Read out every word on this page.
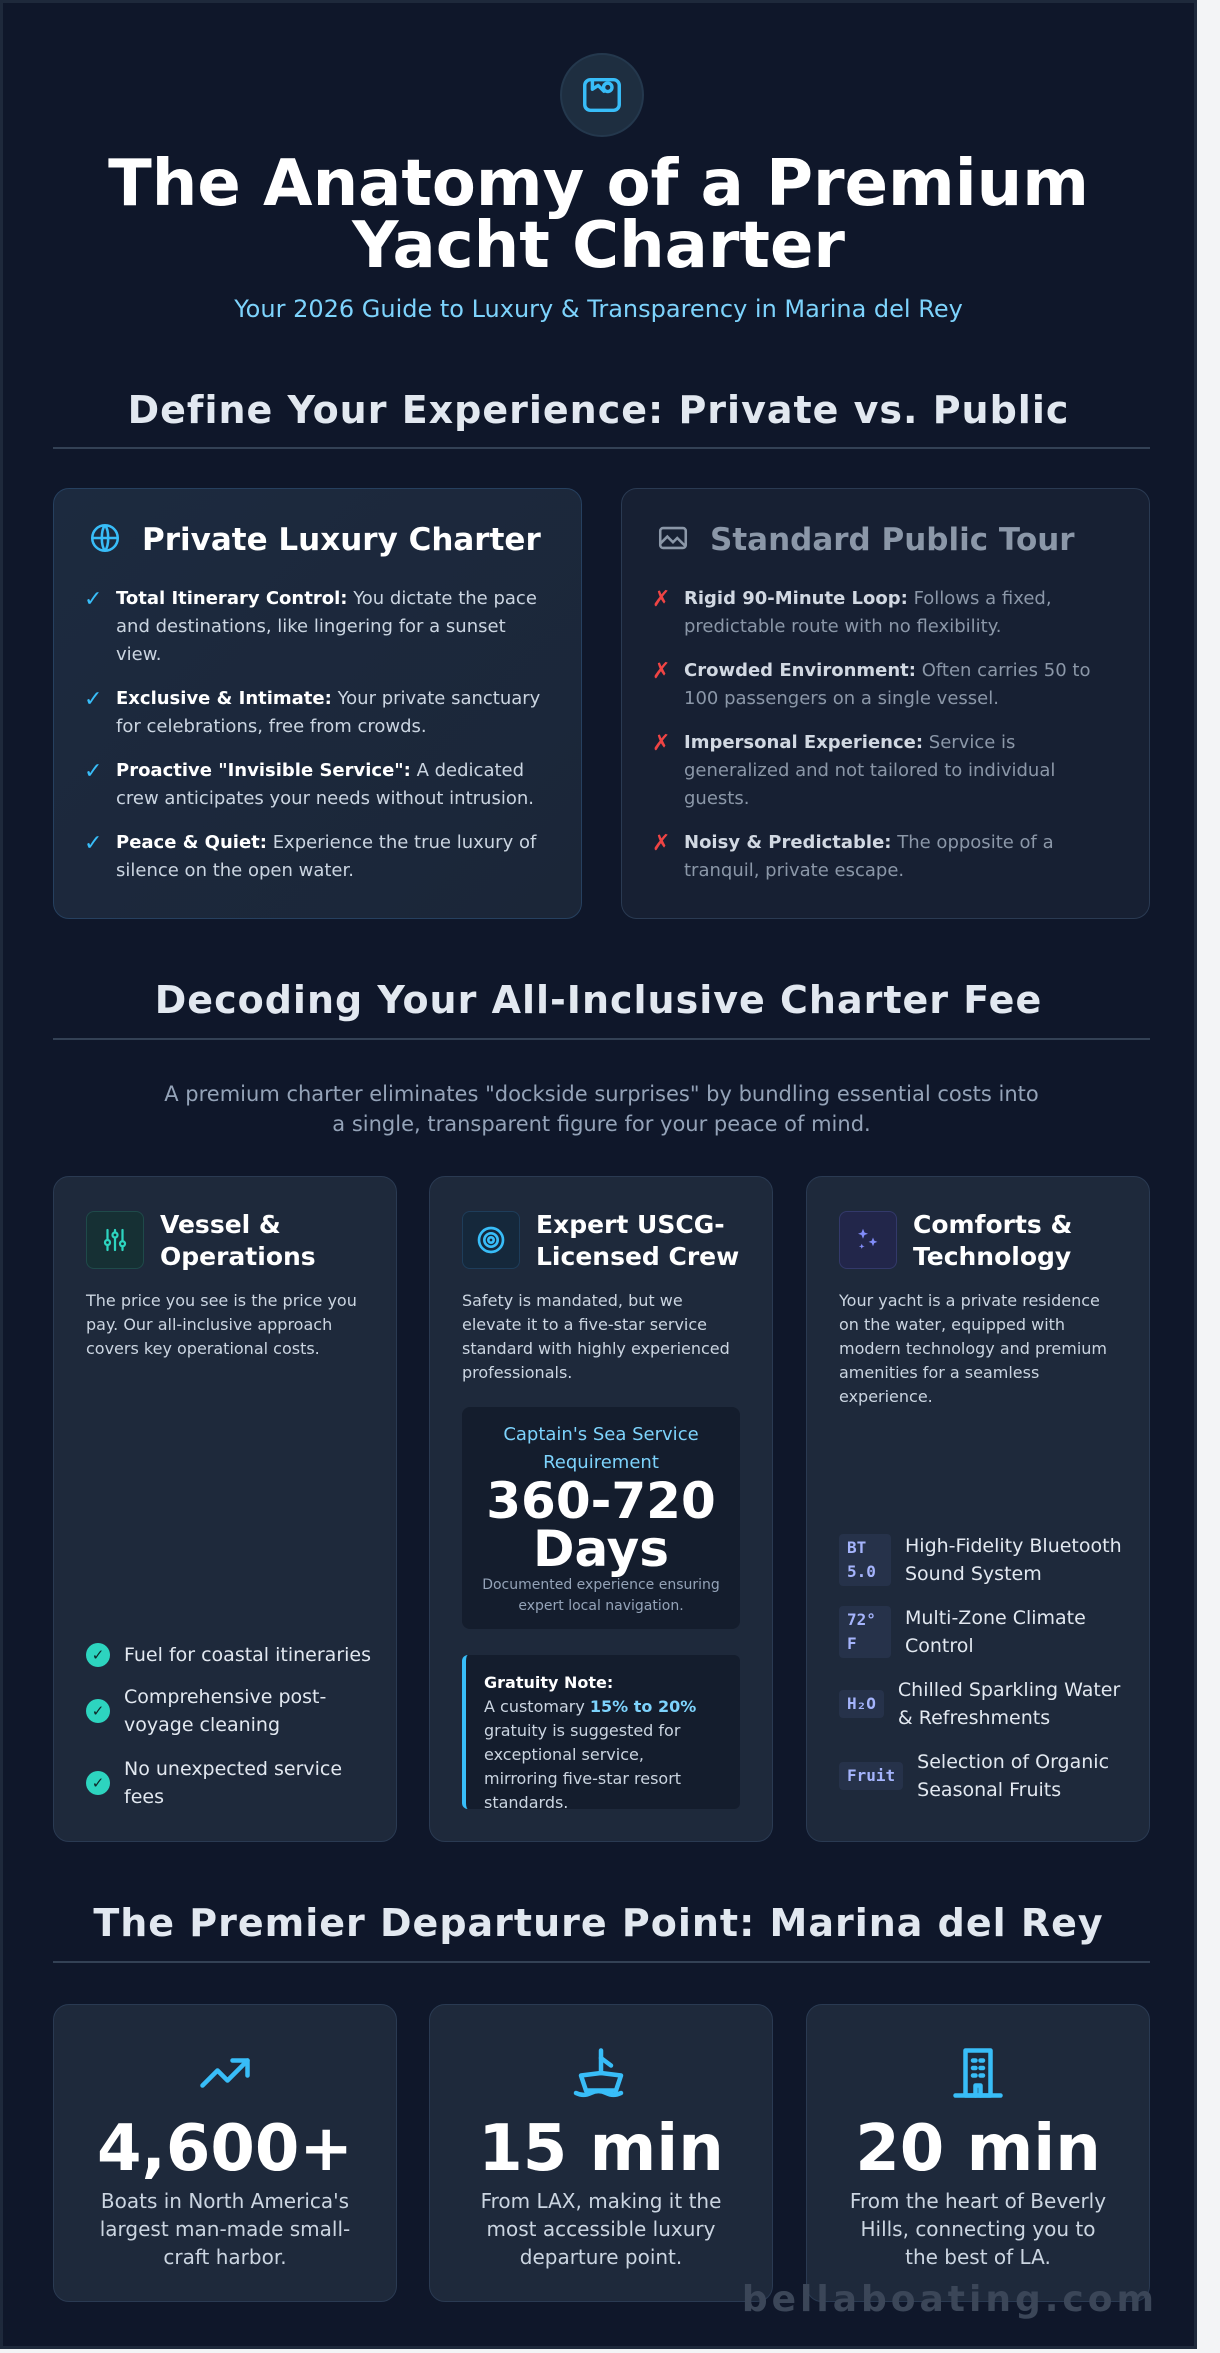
The Anatomy of a Premium Yacht Charter
Your 2026 Guide to Luxury & Transparency in Marina del Rey
Define Your Experience: Private vs. Public
Private Luxury Charter
✓ Total Itinerary Control: You dictate the pace and destinations, like lingering for a sunset view.
✓ Exclusive & Intimate: Your private sanctuary for celebrations, free from crowds.
✓ Proactive "Invisible Service": A dedicated crew anticipates your needs without intrusion.
✓ Peace & Quiet: Experience the true luxury of silence on the open water.
Standard Public Tour
✗ Rigid 90-Minute Loop: Follows a fixed, predictable route with no flexibility.
✗ Crowded Environment: Often carries 50 to 100 passengers on a single vessel.
✗ Impersonal Experience: Service is generalized and not tailored to individual guests.
✗ Noisy & Predictable: The opposite of a tranquil, private escape.
Decoding Your All-Inclusive Charter Fee
A premium charter eliminates "dockside surprises" by bundling essential costs into a single, transparent figure for your peace of mind.
Vessel & Operations
The price you see is the price you pay. Our all-inclusive approach covers key operational costs.
✓	Fuel for coastal itineraries
✓
Comprehensive post-voyage cleaning
✓
No unexpected service fees
Expert USCG-Licensed Crew
Safety is mandated, but we elevate it to a five-star service standard with highly experienced professionals.
Captain's Sea Service Requirement
360-720 Days
Documented experience ensuring expert local navigation.
Gratuity Note:
A customary 15% to 20% gratuity is suggested for exceptional service, mirroring five-star resort standards.
Comforts & Technology
Your yacht is a private residence on the water, equipped with modern technology and premium amenities for a seamless experience.
BT 5.0
High-Fidelity Bluetooth Sound System
72° F
Multi-Zone Climate Control
H₂O
Chilled Sparkling Water & Refreshments
Fruit
Selection of Organic Seasonal Fruits
The Premier Departure Point: Marina del Rey
4,600+
Boats in North America's largest man-made small-craft harbor.
15 min
From LAX, making it the most accessible luxury departure point.
20 min
From the heart of Beverly Hills, connecting you to the best of LA.
bellaboating.com
